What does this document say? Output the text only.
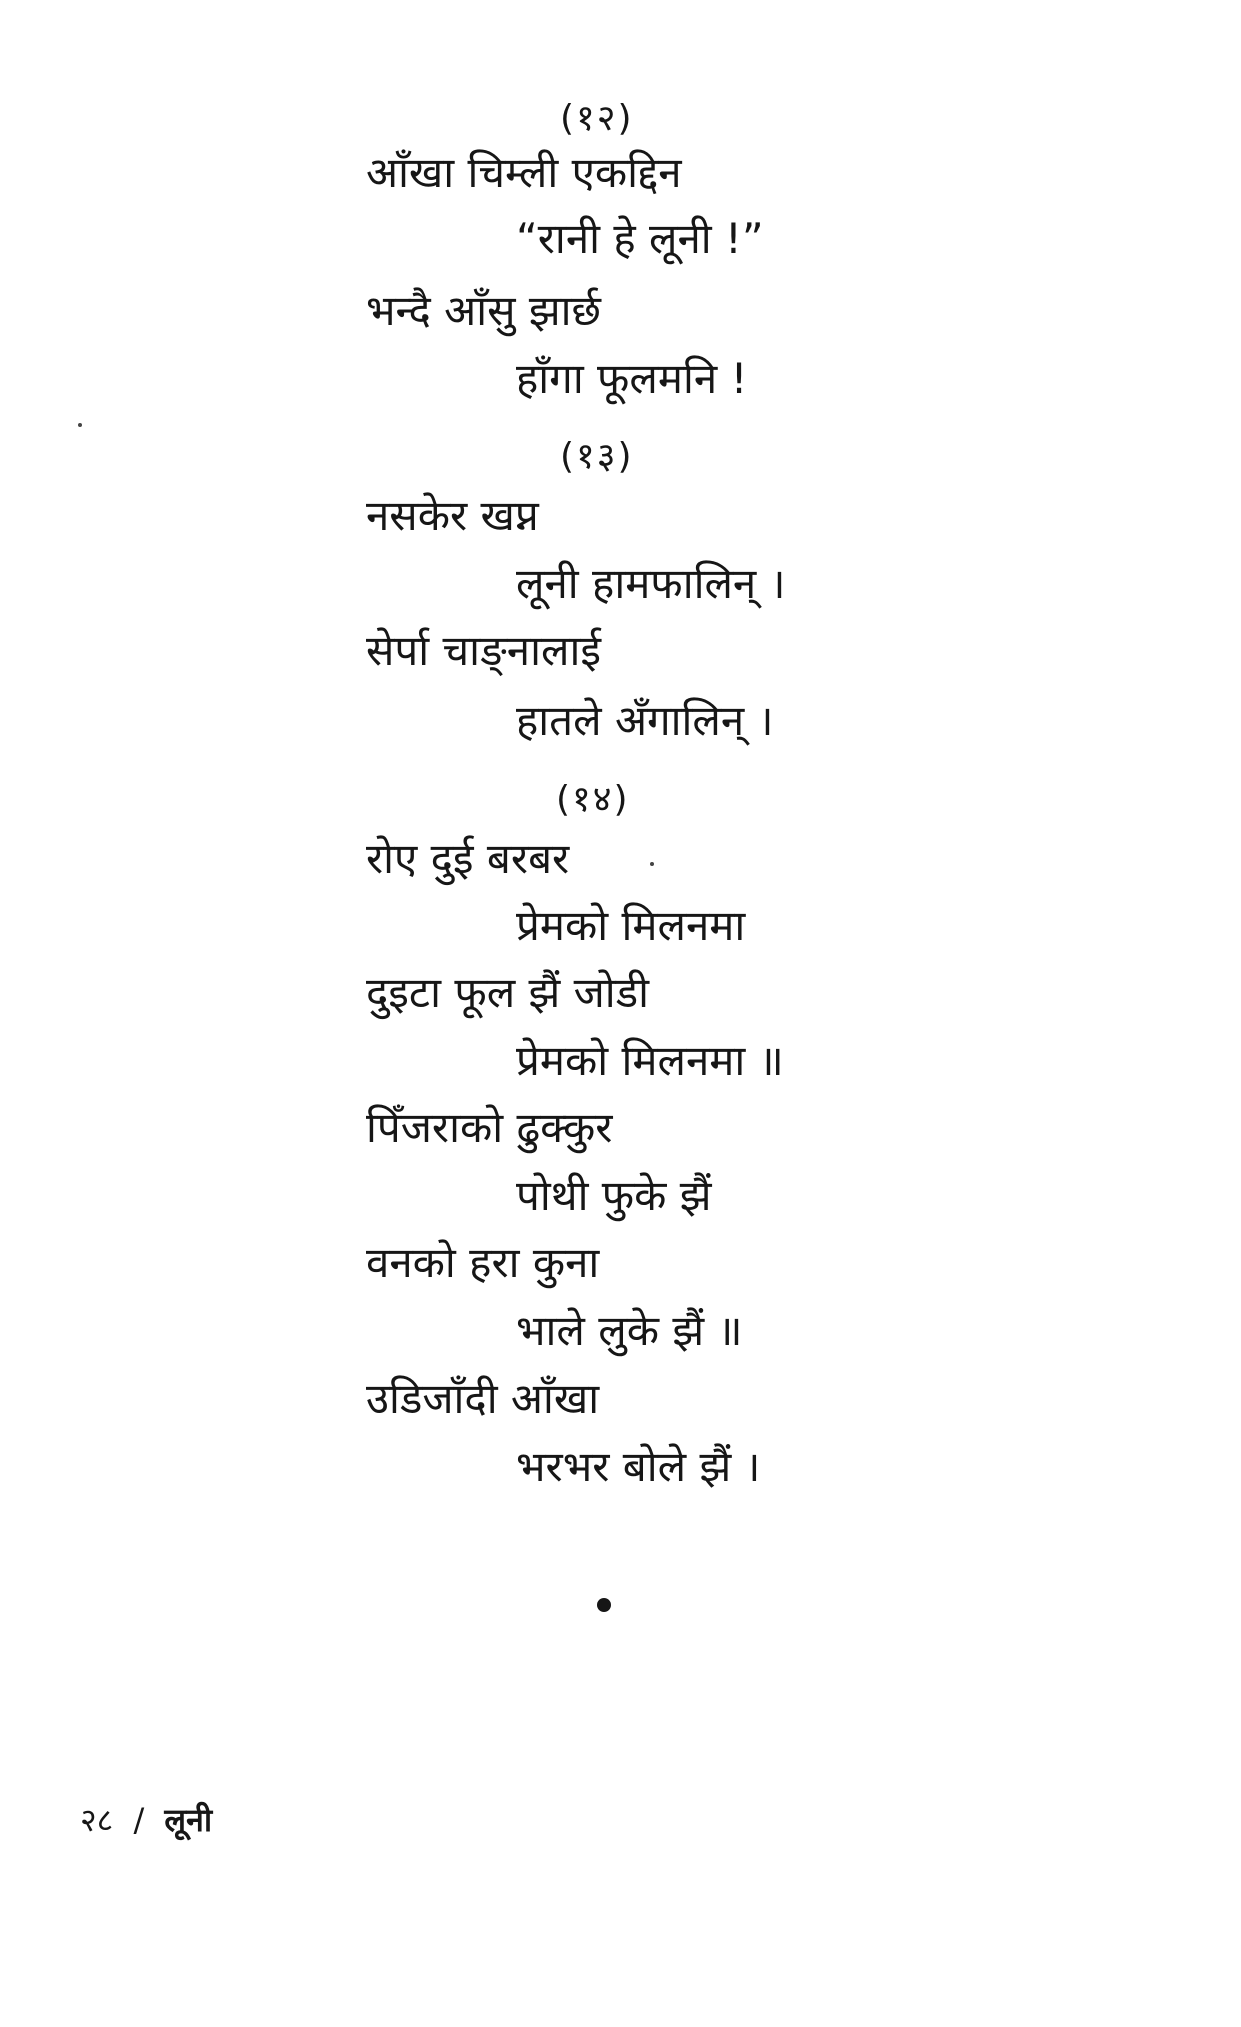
(१२)
आँखा चिम्ली एकद्दिन
“रानी हे लूनी !”
भन्दै आँसु झार्छ
हाँगा फूलमनि !
(१३)
नसकेर खप्न
लूनी हामफालिन् ।
सेर्पा चाङ्नालाई
हातले अँगालिन् ।
(१४)
रोए दुई बरबर
प्रेमको मिलनमा
दुइटा फूल झैं जोडी
प्रेमको मिलनमा ॥
पिँजराको ढुक्कुर
पोथी फुके झैं
वनको हरा कुना
भाले लुके झैं ॥
उडिजाँदी आँखा
भरभर बोले झैं ।
२८ / लूनी
